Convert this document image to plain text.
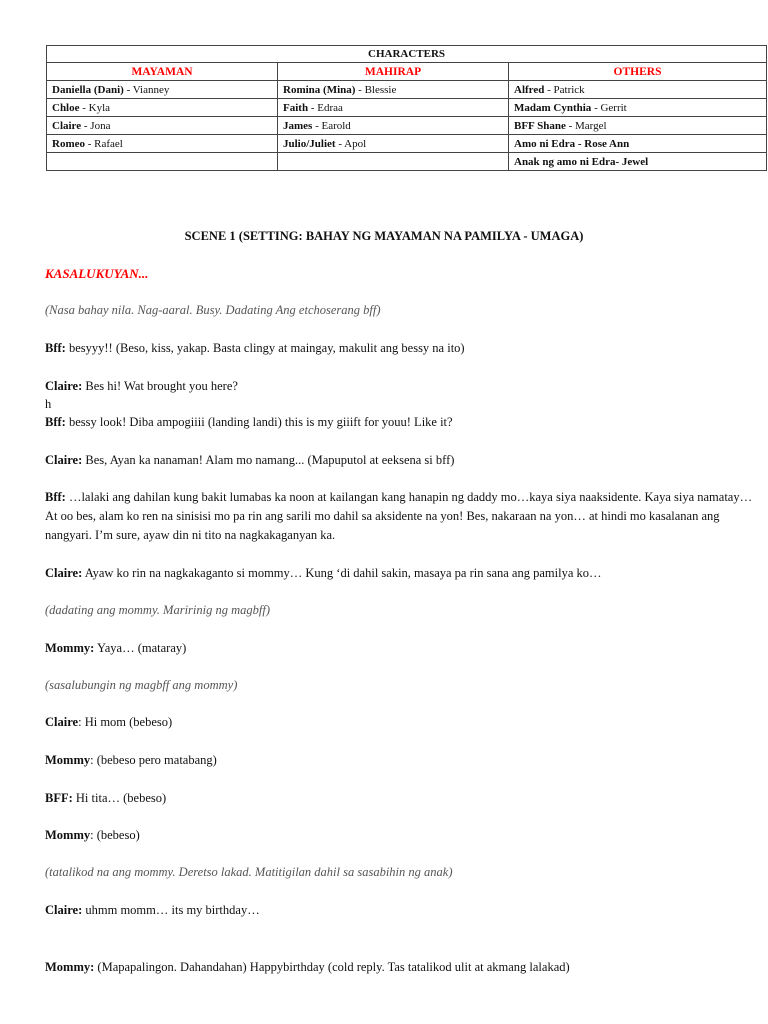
CHARACTERS		
MAYAMAN	MAHIRAP	OTHERS
Daniella (Dani) - Vianney	Romina (Mina) - Blessie	Alfred - Patrick
Chloe - Kyla	Faith - Edraa	Madam Cynthia - Gerrit
Claire - Jona	James - Earold	BFF Shane - Margel
Romeo - Rafael	Julio/Juliet - Apol	Amo ni Edra - Rose Ann
		Anak ng amo ni Edra- Jewel
SCENE 1 (SETTING: BAHAY NG MAYAMAN NA PAMILYA - UMAGA)
KASALUKUYAN...
(Nasa bahay nila. Nag-aaral. Busy. Dadating Ang etchoserang bff)
Bff: besyyy!! (Beso, kiss, yakap. Basta clingy at maingay, makulit ang bessy na ito)
Claire: Bes hi! Wat brought you here?
h
Bff: bessy look! Diba ampogiiii (landing landi) this is my giiift for youu! Like it?
Claire: Bes, Ayan ka nanaman! Alam mo namang... (Mapuputol at eeksena si bff)
Bff: …lalaki ang dahilan kung bakit lumabas ka noon at kailangan kang hanapin ng daddy mo…kaya siya naaksidente. Kaya siya namatay… At oo bes, alam ko ren na sinisisi mo pa rin ang sarili mo dahil sa aksidente na yon! Bes, nakaraan na yon… at hindi mo kasalanan ang nangyari. I’m sure, ayaw din ni tito na nagkakaganyan ka.
Claire: Ayaw ko rin na nagkakaganto si mommy… Kung ‘di dahil sakin, masaya pa rin sana ang pamilya ko…
(dadating ang mommy. Maririnig ng magbff)
Mommy: Yaya… (mataray)
(sasalubungin ng magbff ang mommy)
Claire: Hi mom (bebeso)
Mommy: (bebeso pero matabang)
BFF: Hi tita… (bebeso)
Mommy: (bebeso)
(tatalikod na ang mommy. Deretso lakad. Matitigilan dahil sa sasabihin ng anak)
Claire: uhmm momm… its my birthday…
Mommy: (Mapapalingon. Dahandahan) Happybirthday (cold reply. Tas tatalikod ulit at akmang lalakad)
